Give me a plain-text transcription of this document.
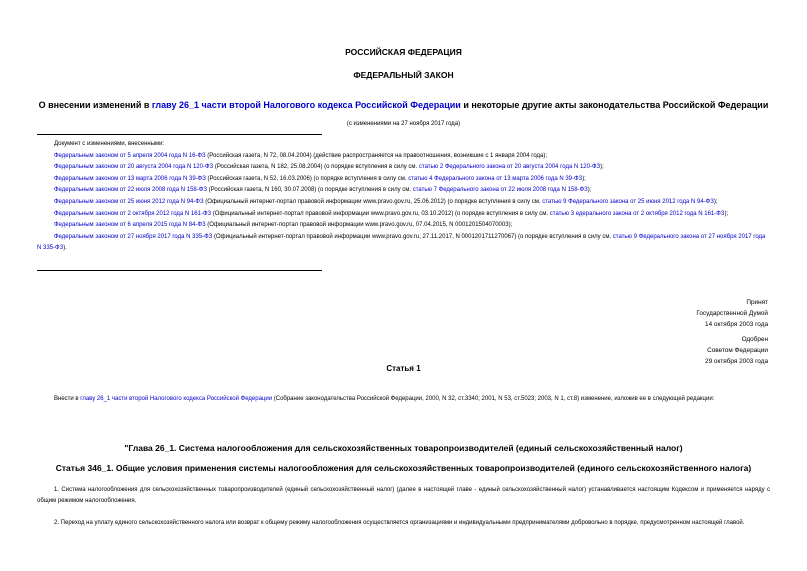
РОССИЙСКАЯ ФЕДЕРАЦИЯ
ФЕДЕРАЛЬНЫЙ ЗАКОН
О внесении изменений в главу 26_1 части второй Налогового кодекса Российской Федерации и некоторые другие акты законодательства Российской Федерации
(с изменениями на 27 ноября 2017 года)
Документ с изменениями, внесенными:
Федеральным законом от 5 апреля 2004 года N 16-ФЗ (Российская газета, N 72, 08.04.2004) (действие распространяется на правоотношения, возникшие с 1 января 2004 года);
Федеральным законом от 20 августа 2004 года N 120-ФЗ (Российская газета, N 182, 25.08.2004) (о порядке вступления в силу см. статью 2 Федерального закона от 20 августа 2004 года N 120-ФЗ);
Федеральным законом от 13 марта 2006 года N 39-ФЗ (Российская газета, N 52, 16.03.2006) (о порядке вступления в силу см. статью 4 Федерального закона от 13 марта 2006 года N 39-ФЗ);
Федеральным законом от 22 июля 2008 года N 158-ФЗ (Российская газета, N 160, 30.07.2008) (о порядке вступления в силу см. статью 7 Федерального закона от 22 июля 2008 года N 158-ФЗ);
Федеральным законом от 25 июня 2012 года N 94-ФЗ (Официальный интернет-портал правовой информации www.pravo.gov.ru, 25.06.2012) (о порядке вступления в силу см. статью 9 Федерального закона от 25 июня 2012 года N 94-ФЗ);
Федеральным законом от 2 октября 2012 года N 161-ФЗ (Официальный интернет-портал правовой информации www.pravo.gov.ru, 03.10.2012) (о порядке вступления в силу см. статью 3 едерального закона от 2 октября 2012 года N 161-ФЗ);
Федеральным законом от 6 апреля 2015 года N 84-ФЗ (Официальный интернет-портал правовой информации www.pravo.gov.ru, 07.04.2015, N 0001201504070003);
Федеральным законом от 27 ноября 2017 года N 335-ФЗ (Официальный интернет-портал правовой информации www.pravo.gov.ru, 27.11.2017, N 0001201711270067) (о порядке вступления в силу см. статью 9 Федерального закона от 27 ноября 2017 года N 335-ФЗ).
Принят
Государственной Думой
14 октября 2003 года
Одобрен
Советом Федерации
29 октября 2003 года
Статья 1
Внести в главу 26_1 части второй Налогового кодекса Российской Федерации (Собрание законодательства Российской Федерации, 2000, N 32, ст.3340; 2001, N 53, ст.5023; 2003, N 1, ст.8) изменение, изложив ее в следующей редакции:
"Глава 26_1. Система налогообложения для сельскохозяйственных товаропроизводителей (единый сельскохозяйственный налог)
Статья 346_1. Общие условия применения системы налогообложения для сельскохозяйственных товаропроизводителей (единого сельскохозяйственного налога)
1. Система налогообложения для сельскохозяйственных товаропроизводителей (единый сельскохозяйственный налог) (далее в настоящей главе - единый сельскохозяйственный налог) устанавливается настоящим Кодексом и применяется наряду с общим режимом налогообложения.
2. Переход на уплату единого сельскохозяйственного налога или возврат к общему режиму налогообложения осуществляется организациями и индивидуальными предпринимателями добровольно в порядке, предусмотренном настоящей главой.
